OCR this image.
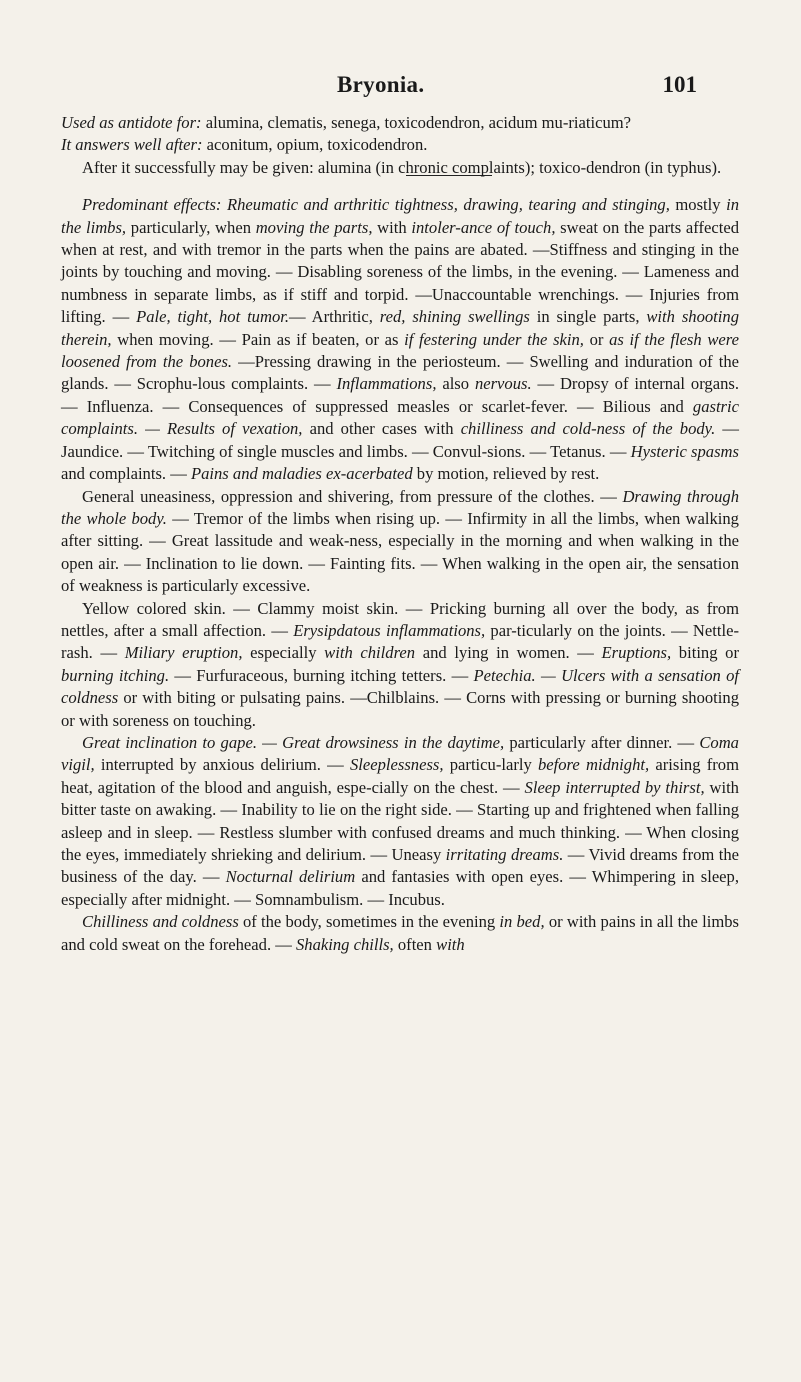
Bryonia.	101

Used as antidote for: alumina, clematis, senega, toxicodendron, acidum mu-riaticum?

It answers well after: aconitum, opium, toxicodendron.

After it successfully may be given: alumina (in chronic complaints); toxico-dendron (in typhus).

Predominant effects: Rheumatic and arthritic tightness, drawing, tearing and stinging, mostly in the limbs, particularly, when moving the parts, with intoler-ance of touch, sweat on the parts affected when at rest, and with tremor in the parts when the pains are abated. —Stiffness and stinging in the joints by touching and moving. — Disabling soreness of the limbs, in the evening. — Lameness and numbness in separate limbs, as if stiff and torpid. —Unaccountable wrenchings. — Injuries from lifting. — Pale, tight, hot tumor.— Arthritic, red, shining swellings in single parts, with shooting therein, when moving. — Pain as if beaten, or as if festering under the skin, or as if the flesh were loosened from the bones. —Pressing drawing in the periosteum. — Swelling and induration of the glands. — Scrophu-lous complaints. — Inflammations, also nervous. — Dropsy of internal organs. — Influenza. — Consequences of suppressed measles or scarlet-fever. — Bilious and gastric complaints. — Results of vexation, and other cases with chilliness and cold-ness of the body. — Jaundice. — Twitching of single muscles and limbs. — Convul-sions. — Tetanus. — Hysteric spasms and complaints. — Pains and maladies ex-acerbated by motion, relieved by rest.

General uneasiness, oppression and shivering, from pressure of the clothes. — Drawing through the whole body. — Tremor of the limbs when rising up. — Infirmity in all the limbs, when walking after sitting. — Great lassitude and weak-ness, especially in the morning and when walking in the open air. — Inclination to lie down. — Fainting fits. — When walking in the open air, the sensation of weakness is particularly excessive.

Yellow colored skin. — Clammy moist skin. — Pricking burning all over the body, as from nettles, after a small affection. — Erysipdatous inflammations, par-ticularly on the joints. — Nettle-rash. — Miliary eruption, especially with children and lying in women. — Eruptions, biting or burning itching. — Furfuraceous, burning itching tetters. — Petechia. — Ulcers with a sensation of coldness or with biting or pulsating pains. —Chilblains. — Corns with pressing or burning shooting or with soreness on touching.

Great inclination to gape. — Great drowsiness in the daytime, particularly after dinner. — Coma vigil, interrupted by anxious delirium. — Sleeplessness, particu-larly before midnight, arising from heat, agitation of the blood and anguish, espe-cially on the chest. — Sleep interrupted by thirst, with bitter taste on awaking. — Inability to lie on the right side. — Starting up and frightened when falling asleep and in sleep. — Restless slumber with confused dreams and much thinking. — When closing the eyes, immediately shrieking and delirium. — Uneasy irritating dreams. — Vivid dreams from the business of the day. — Nocturnal delirium and fantasies with open eyes. — Whimpering in sleep, especially after midnight. — Somnambulism. — Incubus.

Chilliness and coldness of the body, sometimes in the evening in bed, or with pains in all the limbs and cold sweat on the forehead. — Shaking chills, often with
